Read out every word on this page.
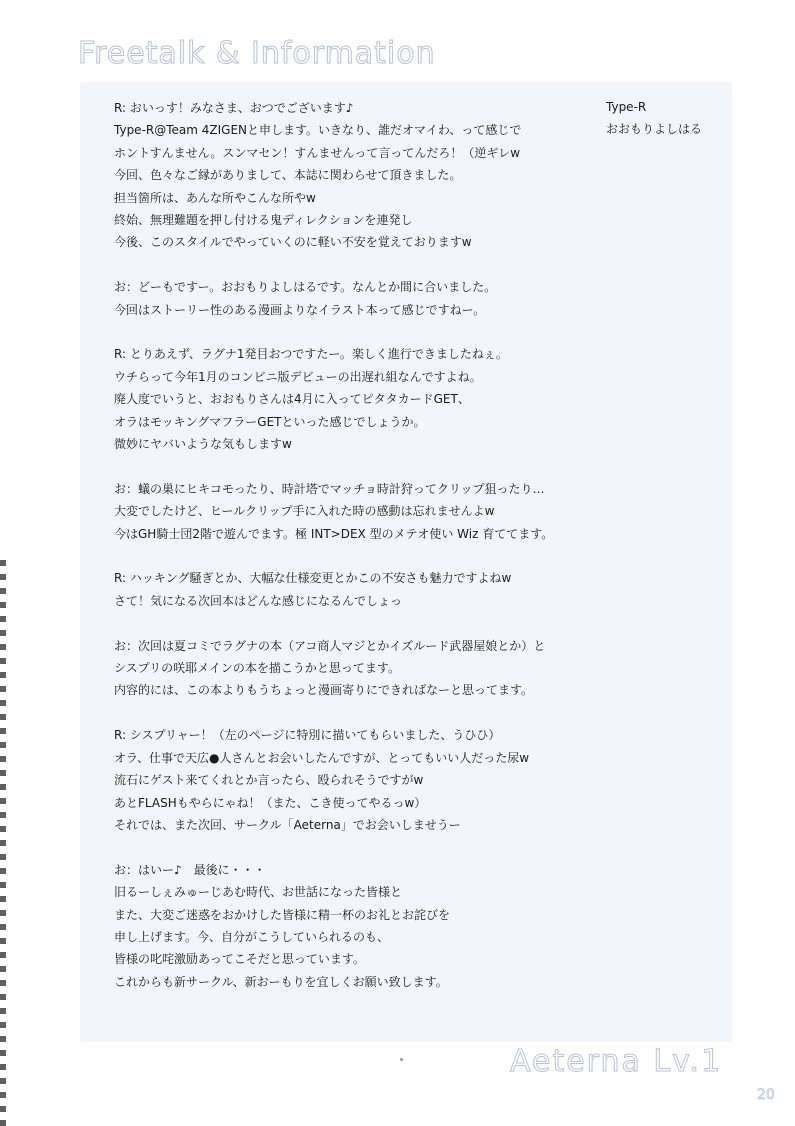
Freetalk & Information
Type-R
おおもりよしはる
R: おいっす！みなさま、おつでございます♪
Type-R@Team 4ZIGENと申します。いきなり、誰だオマイわ、って感じで
ホントすんません。スンマセン！すんませんって言ってんだろ！（逆ギレw
今回、色々なご縁がありまして、本誌に関わらせて頂きました。
担当箇所は、あんな所やこんな所やw
終始、無理難題を押し付ける鬼ディレクションを連発し
今後、このスタイルでやっていくのに軽い不安を覚えておりますw
お：どーもですー。おおもりよしはるです。なんとか間に合いました。
今回はストーリー性のある漫画よりなイラスト本って感じですねー。
R: とりあえず、ラグナ1発目おつですたー。楽しく進行できましたねぇ。
ウチらって今年1月のコンビニ版デビューの出遅れ組なんですよね。
廃人度でいうと、おおもりさんは4月に入ってピタタカードGET、
オラはモッキングマフラーGETといった感じでしょうか。
微妙にヤバいような気もしますw
お：蟻の巣にヒキコモったり、時計塔でマッチョ時計狩ってクリップ狙ったり…
大変でしたけど、ヒールクリップ手に入れた時の感動は忘れませんよw
今はGH騎士団2階で遊んでます。極 INT>DEX 型のメテオ使い Wiz 育ててます。
R: ハッキング騒ぎとか、大幅な仕様変更とかこの不安さも魅力ですよねw
さて！気になる次回本はどんな感じになるんでしょっ
お：次回は夏コミでラグナの本（アコ商人マジとかイズルード武器屋娘とか）と
シスプリの咲耶メインの本を描こうかと思ってます。
内容的には、この本よりもうちょっと漫画寄りにできればなーと思ってます。
R: シスプリャー！（左のページに特別に描いてもらいました、うひひ）
オラ、仕事で天広●人さんとお会いしたんですが、とってもいい人だった尿w
流石にゲスト来てくれとか言ったら、殴られそうですがw
あとFLASHもやらにゃね！（また、こき使ってやるっw）
それでは、また次回、サークル「Aeterna」でお会いしませうー
お：はいー♪　最後に・・・
旧るーしぇみゅーじあむ時代、お世話になった皆様と
また、大変ご迷惑をおかけした皆様に精一杯のお礼とお詫びを
申し上げます。今、自分がこうしていられるのも、
皆様の叱咤激励あってこそだと思っています。
これからも新サークル、新おーもりを宜しくお願い致します。
Aeterna Lv.1
20
